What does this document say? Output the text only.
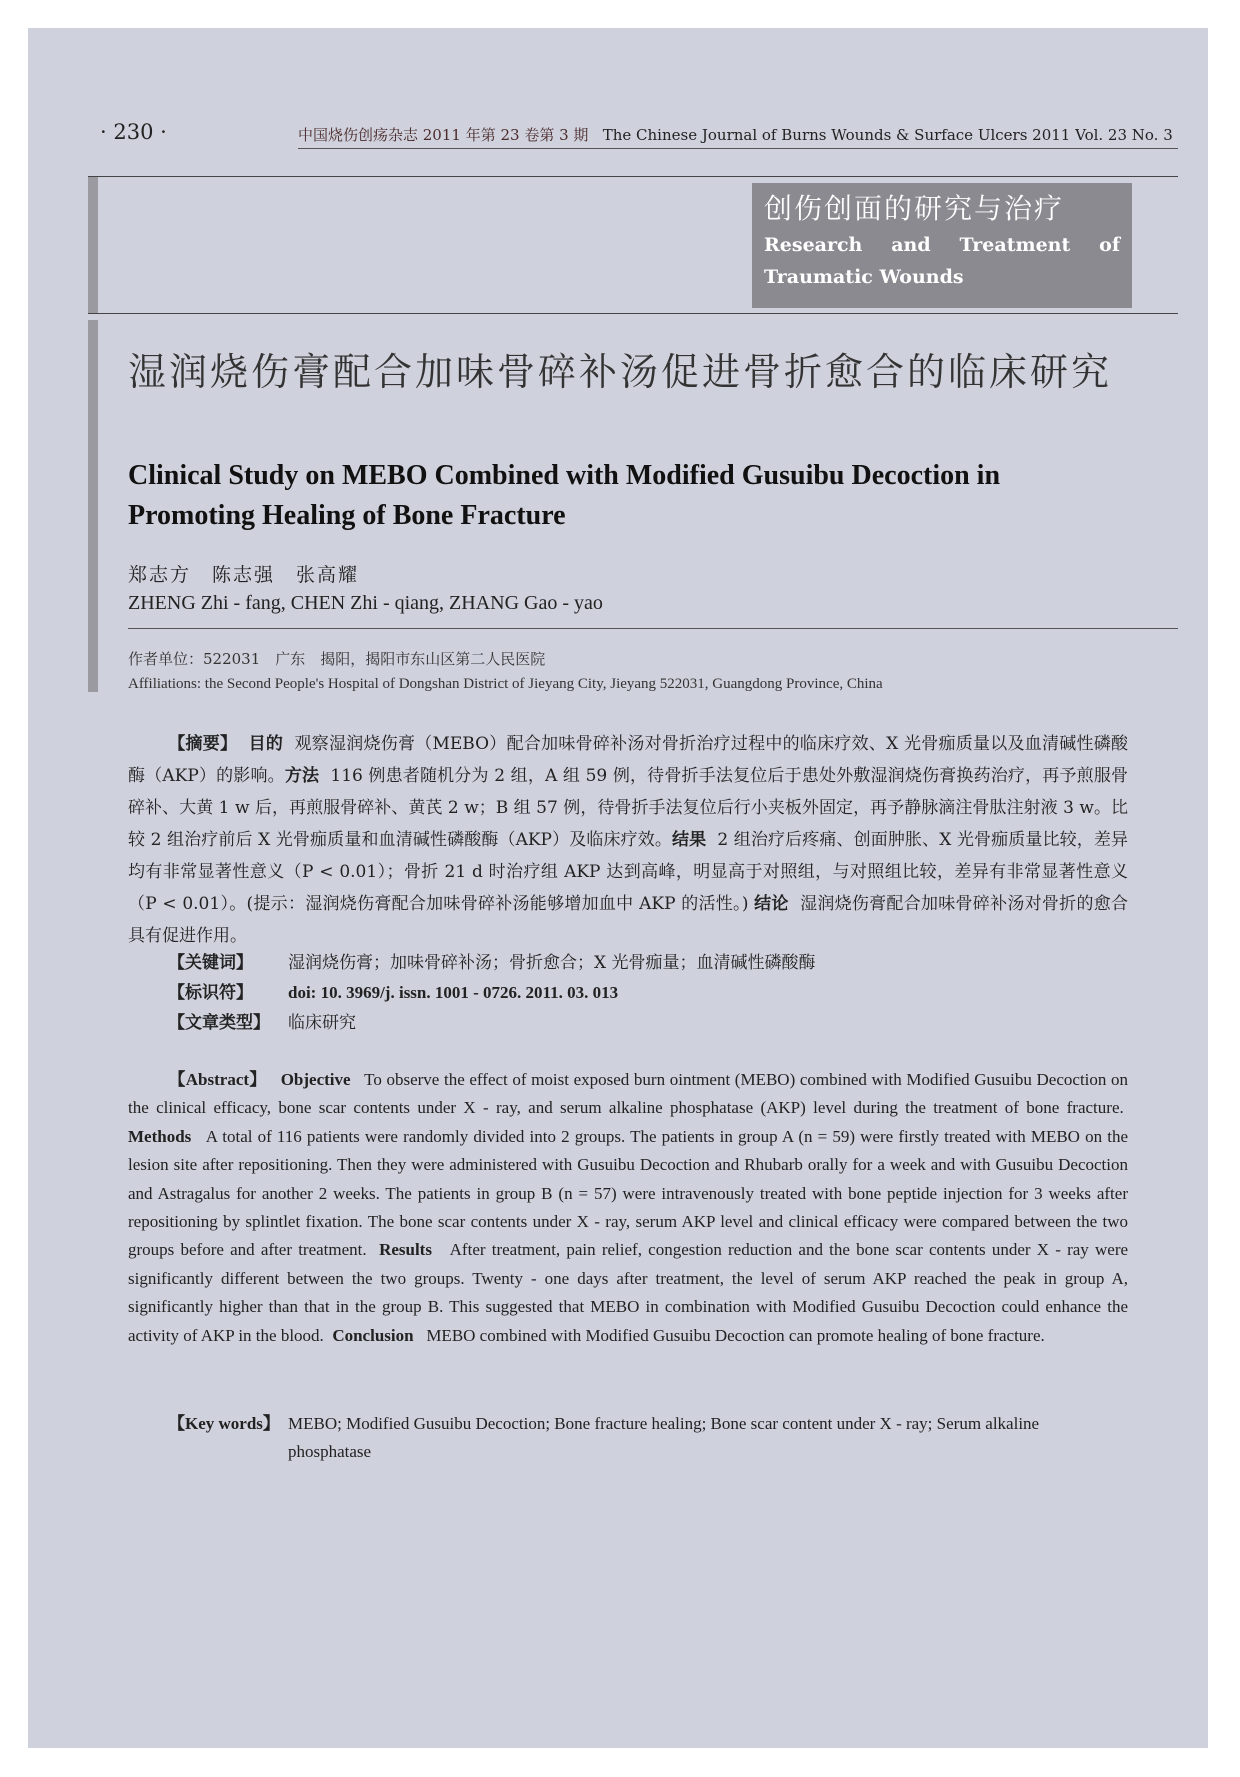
· 230 ·	中国烧伤创疡杂志 2011 年第 23 卷第 3 期 The Chinese Journal of Burns Wounds & Surface Ulcers 2011 Vol. 23 No. 3
创伤创面的研究与治疗
Research and Treatment of Traumatic Wounds
湿润烧伤膏配合加味骨碎补汤促进骨折愈合的临床研究
Clinical Study on MEBO Combined with Modified Gusuibu Decoction in Promoting Healing of Bone Fracture
郑志方　陈志强　张高耀
ZHENG Zhi - fang, CHEN Zhi - qiang, ZHANG Gao - yao
作者单位：522031　广东　揭阳，揭阳市东山区第二人民医院
Affiliations: the Second People's Hospital of Dongshan District of Jieyang City, Jieyang 522031, Guangdong Province, China
【摘要】 目的 观察湿润烧伤膏（MEBO）配合加味骨碎补汤对骨折治疗过程中的临床疗效、X 光骨痂质量以及血清碱性磷酸酶（AKP）的影响。方法 116 例患者随机分为 2 组，A 组 59 例，待骨折手法复位后于患处外敷湿润烧伤膏换药治疗，再予煎服骨碎补、大黄 1 w 后，再煎服骨碎补、黄芪 2 w；B 组 57 例，待骨折手法复位后行小夹板外固定，再予静脉滴注骨肽注射液 3 w。比较 2 组治疗前后 X 光骨痂质量和血清碱性磷酸酶（AKP）及临床疗效。结果 2 组治疗后疼痛、创面肿胀、X 光骨痂质量比较，差异均有非常显著性意义（P < 0.01）；骨折 21 d 时治疗组 AKP 达到高峰，明显高于对照组，与对照组比较，差异有非常显著性意义（P < 0.01）。(提示：湿润烧伤膏配合加味骨碎补汤能够增加血中 AKP 的活性。) 结论 湿润烧伤膏配合加味骨碎补汤对骨折的愈合具有促进作用。
【关键词】 湿润烧伤膏；加味骨碎补汤；骨折愈合；X 光骨痂量；血清碱性磷酸酶
【标识符】 doi: 10. 3969/j. issn. 1001 - 0726. 2011. 03. 013
【文章类型】 临床研究
【Abstract】 Objective To observe the effect of moist exposed burn ointment (MEBO) combined with Modified Gusuibu Decoction on the clinical efficacy, bone scar contents under X - ray, and serum alkaline phosphatase (AKP) level during the treatment of bone fracture.  Methods A total of 116 patients were randomly divided into 2 groups. The patients in group A (n = 59) were firstly treated with MEBO on the lesion site after repositioning. Then they were administered with Gusuibu Decoction and Rhubarb orally for a week and with Gusuibu Decoction and Astragalus for another 2 weeks. The patients in group B (n = 57) were intravenously treated with bone peptide injection for 3 weeks after repositioning by splintlet fixation. The bone scar contents under X - ray, serum AKP level and clinical efficacy were compared between the two groups before and after treatment. Results After treatment, pain relief, congestion reduction and the bone scar contents under X - ray were significantly different between the two groups. Twenty - one days after treatment, the level of serum AKP reached the peak in group A, significantly higher than that in the group B. This suggested that MEBO in combination with Modified Gusuibu Decoction could enhance the activity of AKP in the blood. Conclusion MEBO combined with Modified Gusuibu Decoction can promote healing of bone fracture.
【Key words】 MEBO; Modified Gusuibu Decoction; Bone fracture healing; Bone scar content under X - ray; Serum alkaline phosphatase
